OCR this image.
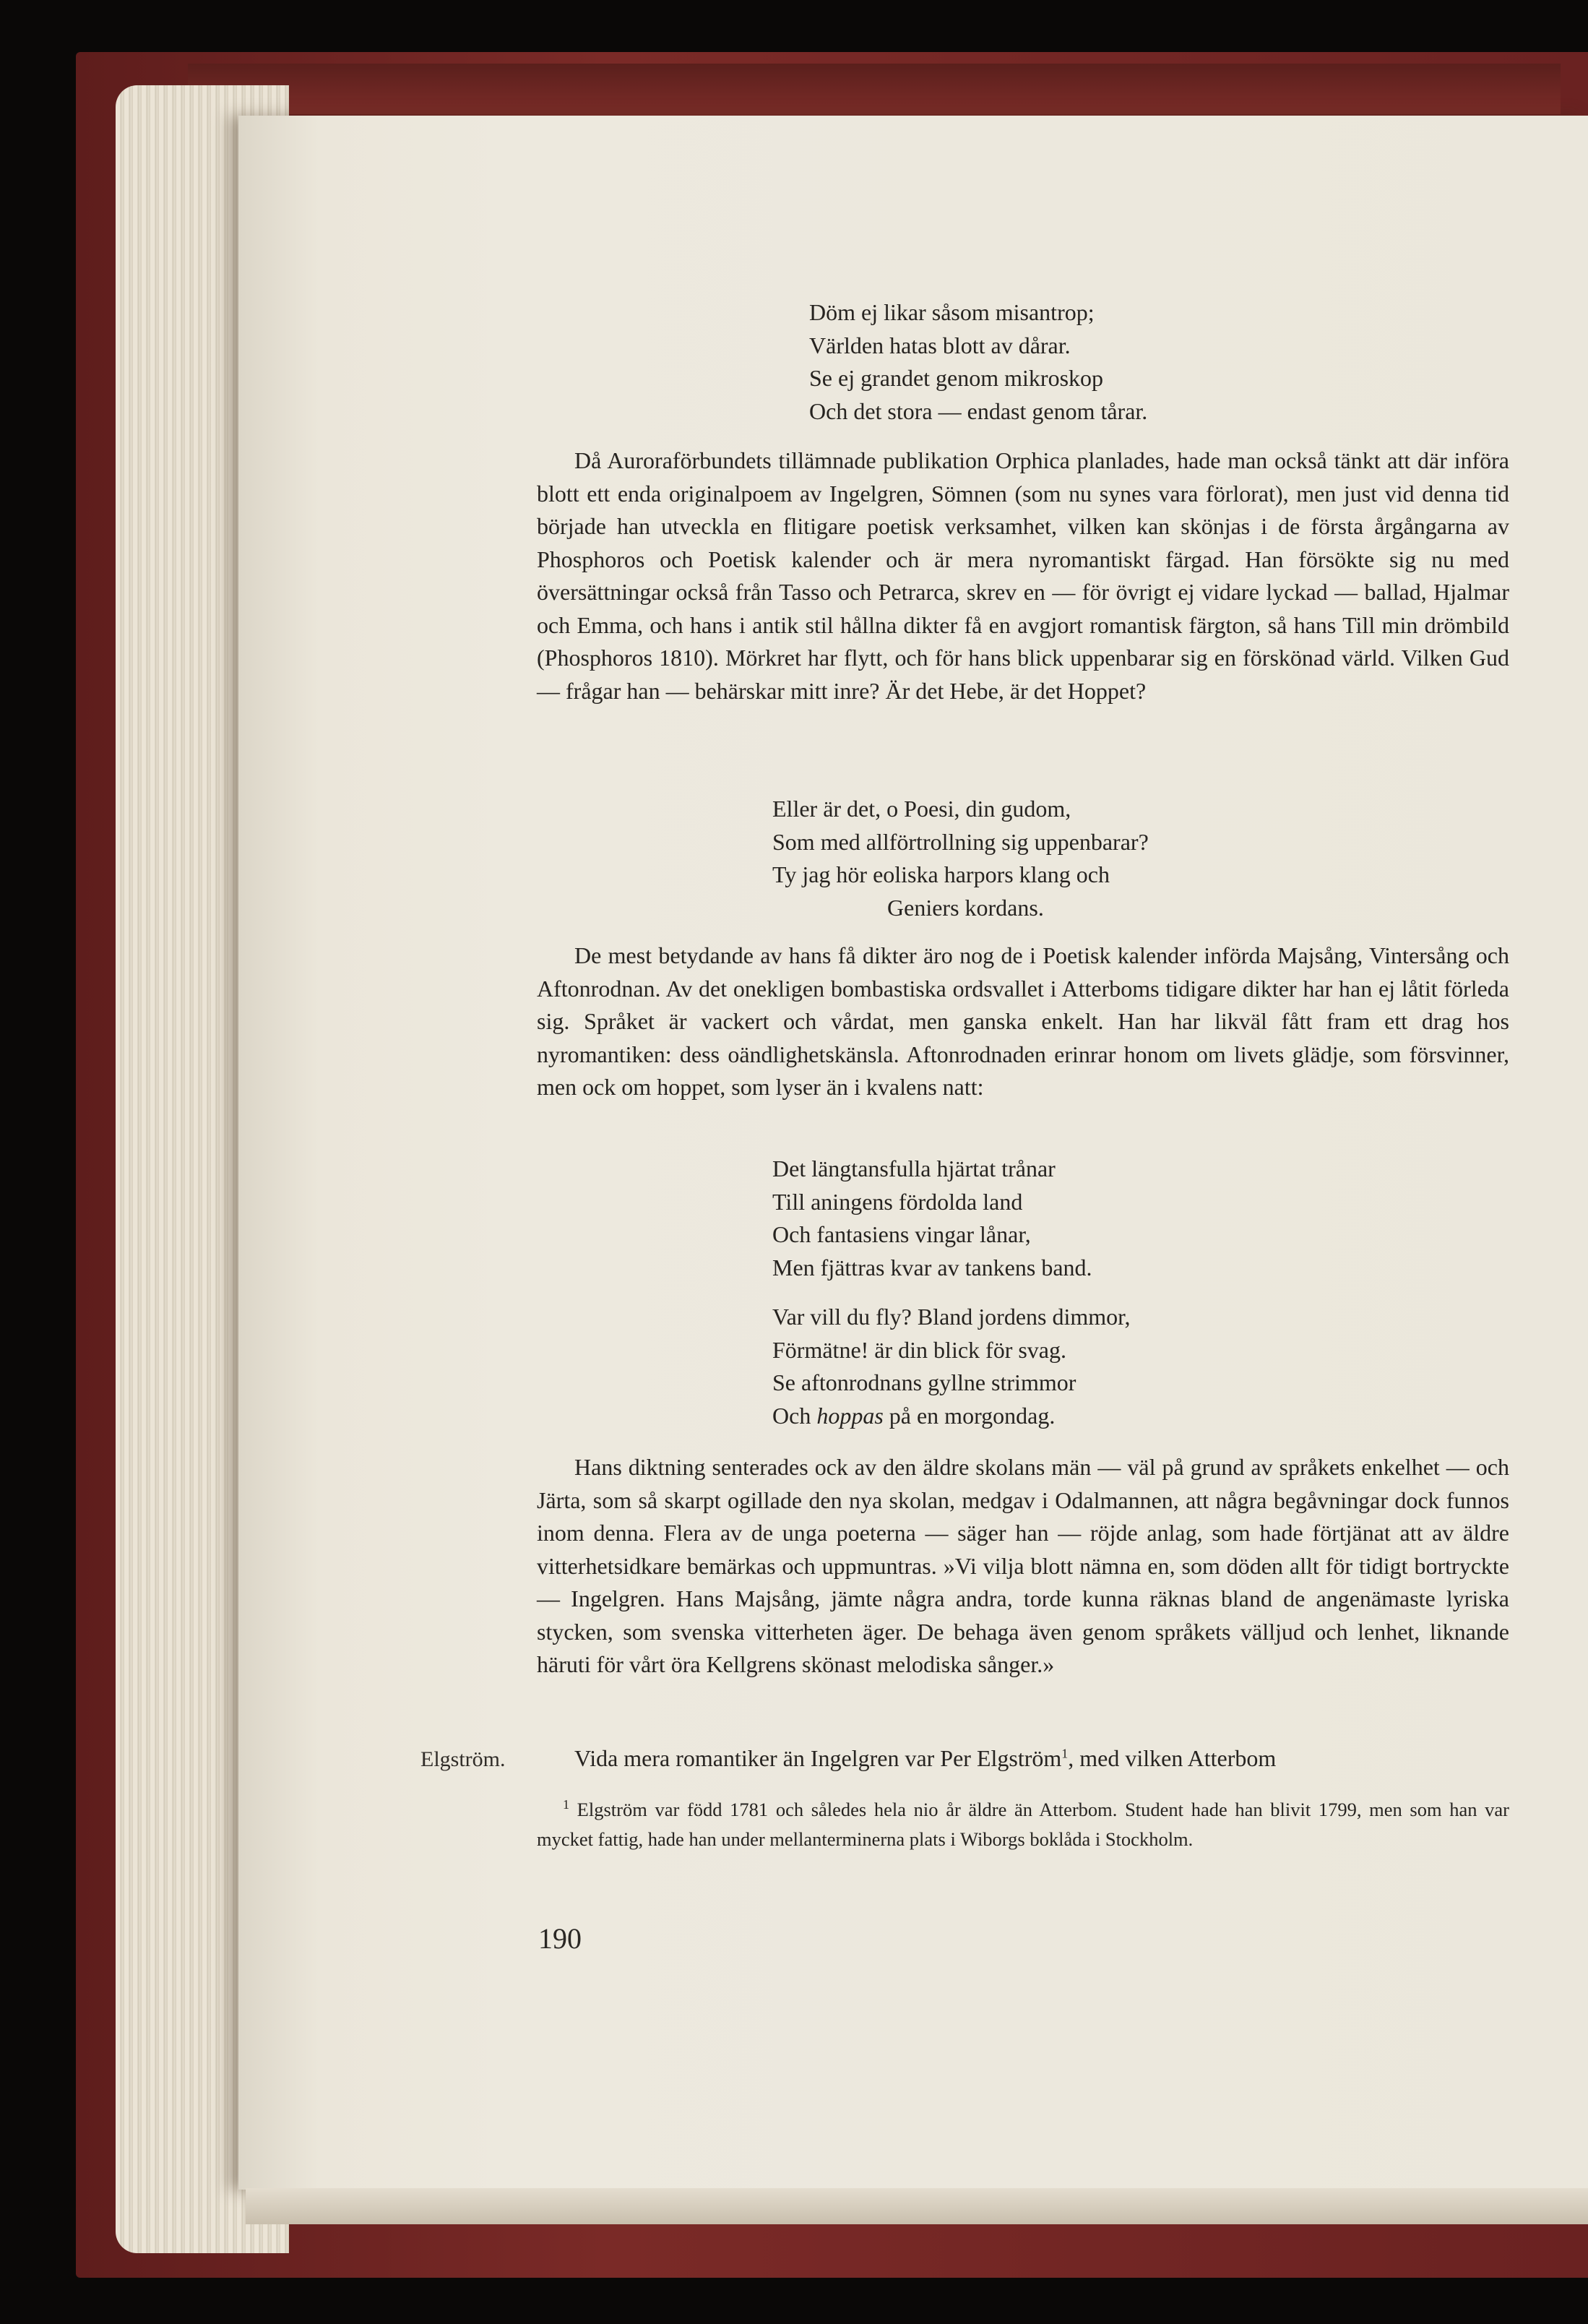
Döm ej likar såsom misantrop;
Världen hatas blott av dårar.
Se ej grandet genom mikroskop
Och det stora — endast genom tårar.

Då Auroraförbundets tillämnade publikation Orphica planlades, hade man också tänkt att där införa blott ett enda originalpoem av Ingelgren, Sömnen (som nu synes vara förlorat), men just vid denna tid började han utveckla en flitigare poetisk verksamhet, vilken kan skönjas i de första årgångarna av Phosphoros och Poetisk kalender och är mera nyromantiskt färgad. Han försökte sig nu med översättningar också från Tasso och Petrarca, skrev en — för övrigt ej vidare lyckad — ballad, Hjalmar och Emma, och hans i antik stil hållna dikter få en avgjort romantisk färgton, så hans Till min drömbild (Phosphoros 1810). Mörkret har flytt, och för hans blick uppenbarar sig en förskönad värld. Vilken Gud — frågar han — behärskar mitt inre? Är det Hebe, är det Hoppet?

Eller är det, o Poesi, din gudom,
Som med allförtrollning sig uppenbarar?
Ty jag hör eoliska harpors klang och
Geniers kordans.

De mest betydande av hans få dikter äro nog de i Poetisk kalender införda Majsång, Vintersång och Aftonrodnan. Av det onekligen bombastiska ordsvallet i Atterboms tidigare dikter har han ej låtit förleda sig. Språket är vackert och vårdat, men ganska enkelt. Han har likväl fått fram ett drag hos nyromantiken: dess oändlighetskänsla. Aftonrodnaden erinrar honom om livets glädje, som försvinner, men ock om hoppet, som lyser än i kvalens natt:

Det längtansfulla hjärtat trånar
Till aningens fördolda land
Och fantasiens vingar lånar,
Men fjättras kvar av tankens band.
Var vill du fly? Bland jordens dimmor,
Förmätne! är din blick för svag.
Se aftonrodnans gyllne strimmor
Och hoppas på en morgondag.

Hans diktning senterades ock av den äldre skolans män — väl på grund av språkets enkelhet — och Järta, som så skarpt ogillade den nya skolan, medgav i Odalmannen, att några begåvningar dock funnos inom denna. Flera av de unga poeterna — säger han — röjde anlag, som hade förtjänat att av äldre vitterhetsidkare bemärkas och uppmuntras. »Vi vilja blott nämna en, som döden allt för tidigt bortryckte — Ingelgren. Hans Majsång, jämte några andra, torde kunna räknas bland de angenämaste lyriska stycken, som svenska vitterheten äger. De behaga även genom språkets välljud och lenhet, liknande häruti för vårt öra Kellgrens skönast melodiska sånger.»

Elgström.	Vida mera romantiker än Ingelgren var Per Elgström$^1$, med vilken Atterbom

$^1$ Elgström var född 1781 och således hela nio år äldre än Atterbom. Student hade han blivit 1799, men som han var mycket fattig, hade han under mellanterminerna plats i Wiborgs boklåda i Stockholm.

190
